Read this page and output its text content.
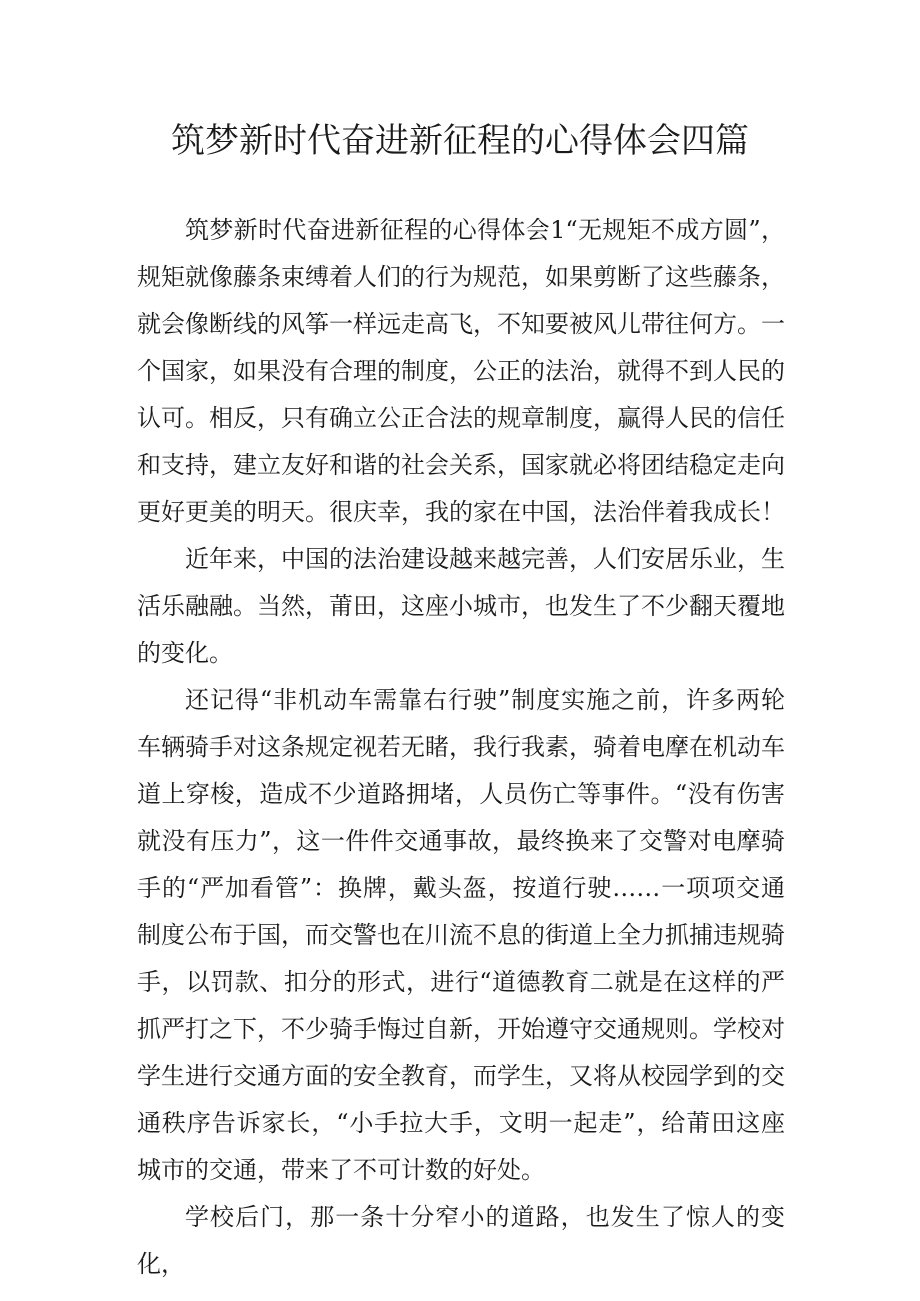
筑梦新时代奋进新征程的心得体会四篇

筑梦新时代奋进新征程的心得体会1“无规矩不成方圆”，规矩就像藤条束缚着人们的行为规范，如果剪断了这些藤条，就会像断线的风筝一样远走高飞，不知要被风儿带往何方。一个国家，如果没有合理的制度，公正的法治，就得不到人民的认可。相反，只有确立公正合法的规章制度，赢得人民的信任和支持，建立友好和谐的社会关系，国家就必将团结稳定走向更好更美的明天。很庆幸，我的家在中国，法治伴着我成长！

近年来，中国的法治建设越来越完善，人们安居乐业，生活乐融融。当然，莆田，这座小城市，也发生了不少翻天覆地的变化。

还记得“非机动车需靠右行驶”制度实施之前，许多两轮车辆骑手对这条规定视若无睹，我行我素，骑着电摩在机动车道上穿梭，造成不少道路拥堵，人员伤亡等事件。“没有伤害就没有压力”，这一件件交通事故，最终换来了交警对电摩骑手的“严加看管”：换牌，戴头盔，按道行驶……一项项交通制度公布于国，而交警也在川流不息的街道上全力抓捕违规骑手，以罚款、扣分的形式，进行“道德教育二就是在这样的严抓严打之下，不少骑手悔过自新，开始遵守交通规则。学校对学生进行交通方面的安全教育，而学生，又将从校园学到的交通秩序告诉家长，“小手拉大手，文明一起走”，给莆田这座城市的交通，带来了不可计数的好处。

学校后门，那一条十分窄小的道路，也发生了惊人的变化，
